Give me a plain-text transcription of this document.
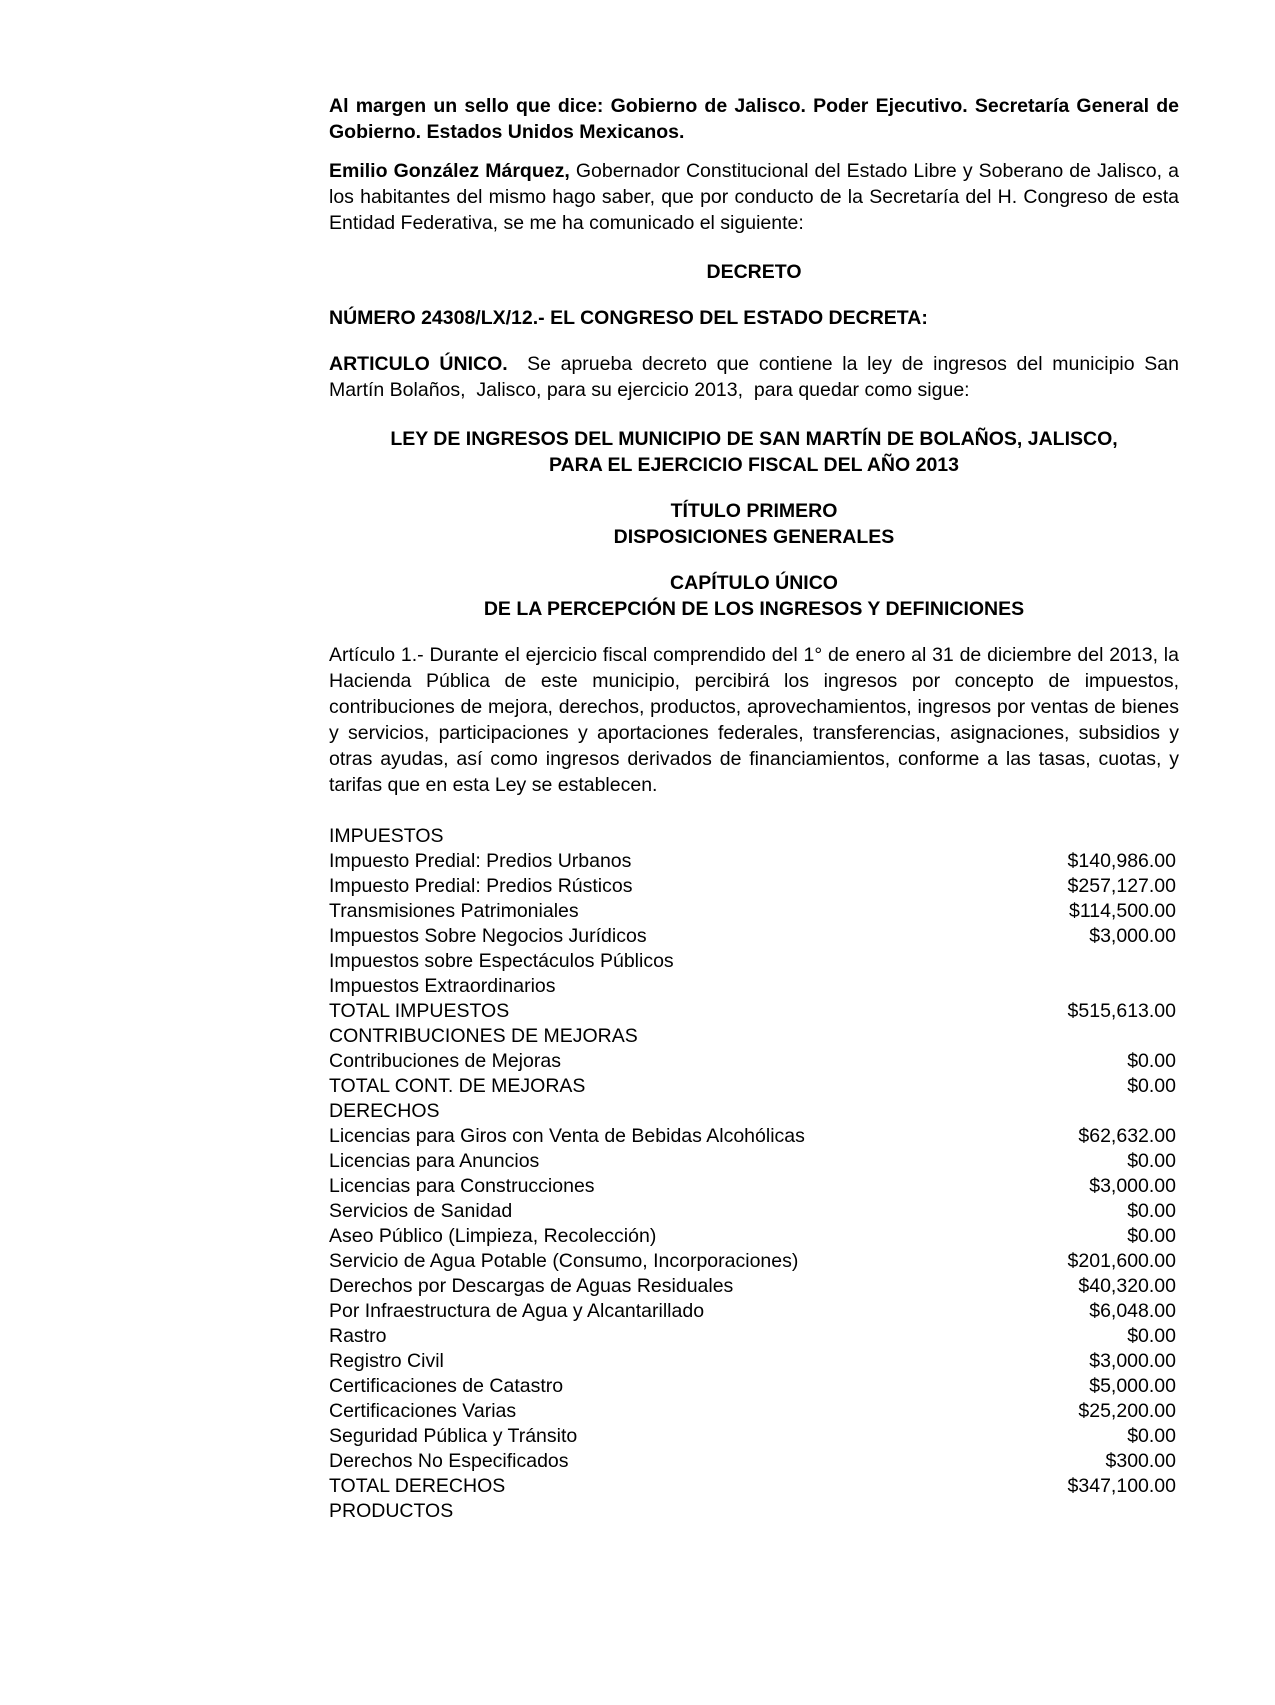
Al margen un sello que dice: Gobierno de Jalisco. Poder Ejecutivo. Secretaría General de Gobierno. Estados Unidos Mexicanos.

Emilio González Márquez, Gobernador Constitucional del Estado Libre y Soberano de Jalisco, a los habitantes del mismo hago saber, que por conducto de la Secretaría del H. Congreso de esta Entidad Federativa, se me ha comunicado el siguiente:

DECRETO

NÚMERO 24308/LX/12.- EL CONGRESO DEL ESTADO DECRETA:

ARTICULO ÚNICO.  Se aprueba decreto que contiene la ley de ingresos del municipio San Martín Bolaños,  Jalisco, para su ejercicio 2013,  para quedar como sigue:

LEY DE INGRESOS DEL MUNICIPIO DE SAN MARTÍN DE BOLAÑOS, JALISCO,

PARA EL EJERCICIO FISCAL DEL AÑO 2013

TÍTULO PRIMERO

DISPOSICIONES GENERALES

CAPÍTULO ÚNICO

DE LA PERCEPCIÓN DE LOS INGRESOS Y DEFINICIONES

Artículo 1.- Durante el ejercicio fiscal comprendido del 1° de enero al 31 de diciembre del 2013, la Hacienda Pública de este municipio, percibirá los ingresos por concepto de impuestos, contribuciones de mejora, derechos, productos, aprovechamientos, ingresos por ventas de bienes y servicios, participaciones y aportaciones federales, transferencias, asignaciones, subsidios y otras ayudas, así como ingresos derivados de financiamientos, conforme a las tasas, cuotas, y tarifas que en esta Ley se establecen.

IMPUESTOS
Impuesto Predial: Predios Urbanos	$140,986.00
Impuesto Predial: Predios Rústicos	$257,127.00
Transmisiones Patrimoniales	$114,500.00
Impuestos Sobre Negocios Jurídicos	$3,000.00
Impuestos sobre Espectáculos Públicos
Impuestos Extraordinarios
TOTAL IMPUESTOS	$515,613.00
CONTRIBUCIONES DE MEJORAS
Contribuciones de Mejoras	$0.00
TOTAL CONT. DE MEJORAS	$0.00
DERECHOS
Licencias para Giros con Venta de Bebidas Alcohólicas	$62,632.00
Licencias para Anuncios	$0.00
Licencias para Construcciones	$3,000.00
Servicios de Sanidad	$0.00
Aseo Público (Limpieza, Recolección)	$0.00
Servicio de Agua Potable (Consumo, Incorporaciones)	$201,600.00
Derechos por Descargas de Aguas Residuales	$40,320.00
Por Infraestructura de Agua y Alcantarillado	$6,048.00
Rastro	$0.00
Registro Civil	$3,000.00
Certificaciones de Catastro	$5,000.00
Certificaciones Varias	$25,200.00
Seguridad Pública y Tránsito	$0.00
Derechos No Especificados	$300.00
TOTAL DERECHOS	$347,100.00
PRODUCTOS
